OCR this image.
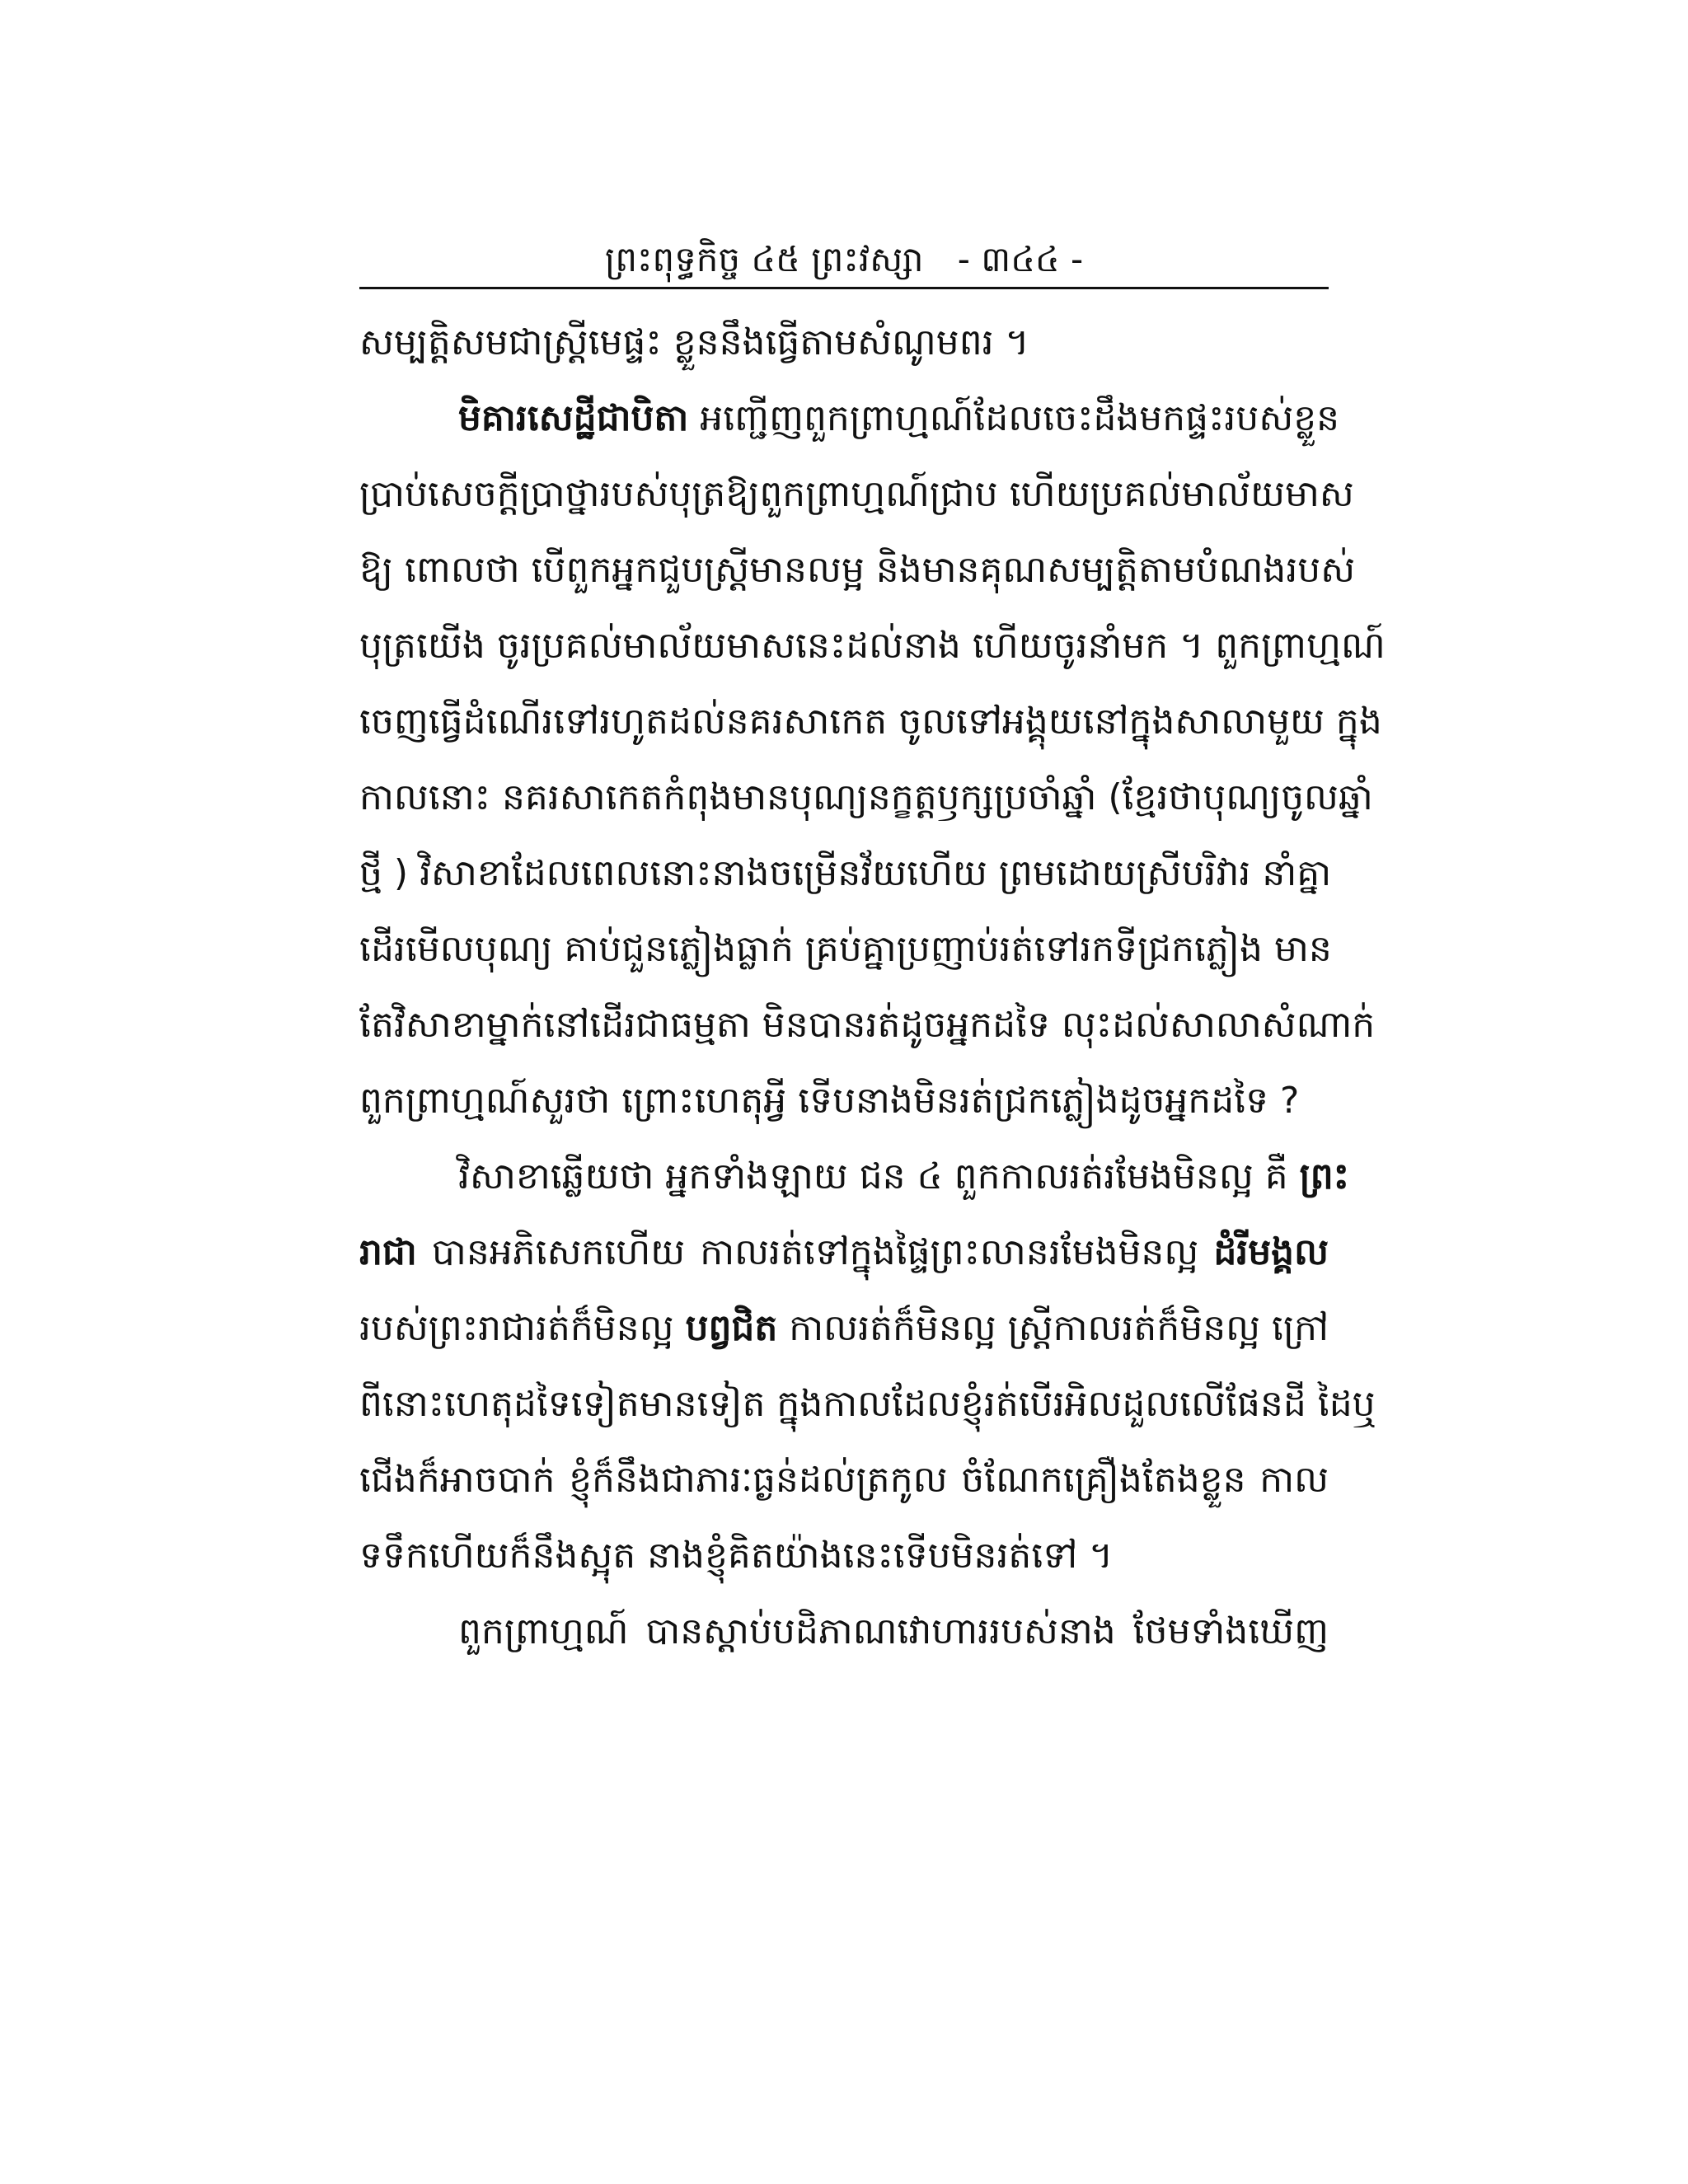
ព្រះពុទ្ធកិច្ច ៤៥ ព្រះវស្សា - ៣៤៤ -
សម្បត្តិសមជាស្ត្រីមេផ្ទះ ខ្លួននឹងធ្វើតាមសំណូមពរ ។
មិគារសេដ្ឋីជាបិតា អញ្ជើញពួកព្រាហ្មណ៍ដែលចេះដឹងមកផ្ទះរបស់ខ្លួន
ប្រាប់សេចក្តីប្រាថ្នារបស់បុត្រឱ្យពួកព្រាហ្មណ៍ជ្រាប ហើយប្រគល់មាល័យមាស
ឱ្យ ពោលថា បើពួកអ្នកជួបស្ត្រីមានលម្អ និងមានគុណសម្បត្តិតាមបំណងរបស់
បុត្រយើង ចូរប្រគល់មាល័យមាសនេះដល់នាង ហើយចូរនាំមក ។ ពួកព្រាហ្មណ៍
ចេញធ្វើដំណើរទៅរហូតដល់នគរសាកេត ចូលទៅអង្គុយនៅក្នុងសាលាមួយ ក្នុង
កាលនោះ នគរសាកេតកំពុងមានបុណ្យនក្ខត្តឫក្សប្រចាំឆ្នាំ (ខ្មែរថាបុណ្យចូលឆ្នាំ
ថ្មី ) វិសាខាដែលពេលនោះនាងចម្រើនវ័យហើយ ព្រមដោយស្រីបរិវារ នាំគ្នា
ដើរមើលបុណ្យ គាប់ជួនភ្លៀងធ្លាក់ គ្រប់គ្នាប្រញាប់រត់ទៅរកទីជ្រកភ្លៀង មាន
តែវិសាខាម្នាក់នៅដើរជាធម្មតា មិនបានរត់ដូចអ្នកដទៃ លុះដល់សាលាសំណាក់
ពួកព្រាហ្មណ៍សួរថា ព្រោះហេតុអ្វី ទើបនាងមិនរត់ជ្រកភ្លៀងដូចអ្នកដទៃ ?
វិសាខាឆ្លើយថា អ្នកទាំងឡាយ ជន ៤ ពួកកាលរត់រមែងមិនល្អ គឺ ព្រះ
រាជា បានអភិសេកហើយ កាលរត់ទៅក្នុងផ្ទៃព្រះលានរមែងមិនល្អ ដំរីមង្គល
របស់ព្រះរាជារត់ក៏មិនល្អ បព្វជិត កាលរត់ក៏មិនល្អ ស្ត្រីកាលរត់ក៏មិនល្អ ក្រៅ
ពីនោះហេតុដទៃទៀតមានទៀត ក្នុងកាលដែលខ្ញុំរត់បើរអិលដួលលើផែនដី ដៃឬ
ជើងក៏អាចបាក់ ខ្ញុំក៏នឹងជាភារៈធ្ងន់ដល់ត្រកូល ចំណែកគ្រឿងតែងខ្លួន កាល
ទទឹកហើយក៏នឹងស្អុត នាងខ្ញុំគិតយ៉ាងនេះទើបមិនរត់ទៅ ។
ពួកព្រាហ្មណ៍ បានស្តាប់បដិភាណវោហាររបស់នាង ថែមទាំងឃើញ
